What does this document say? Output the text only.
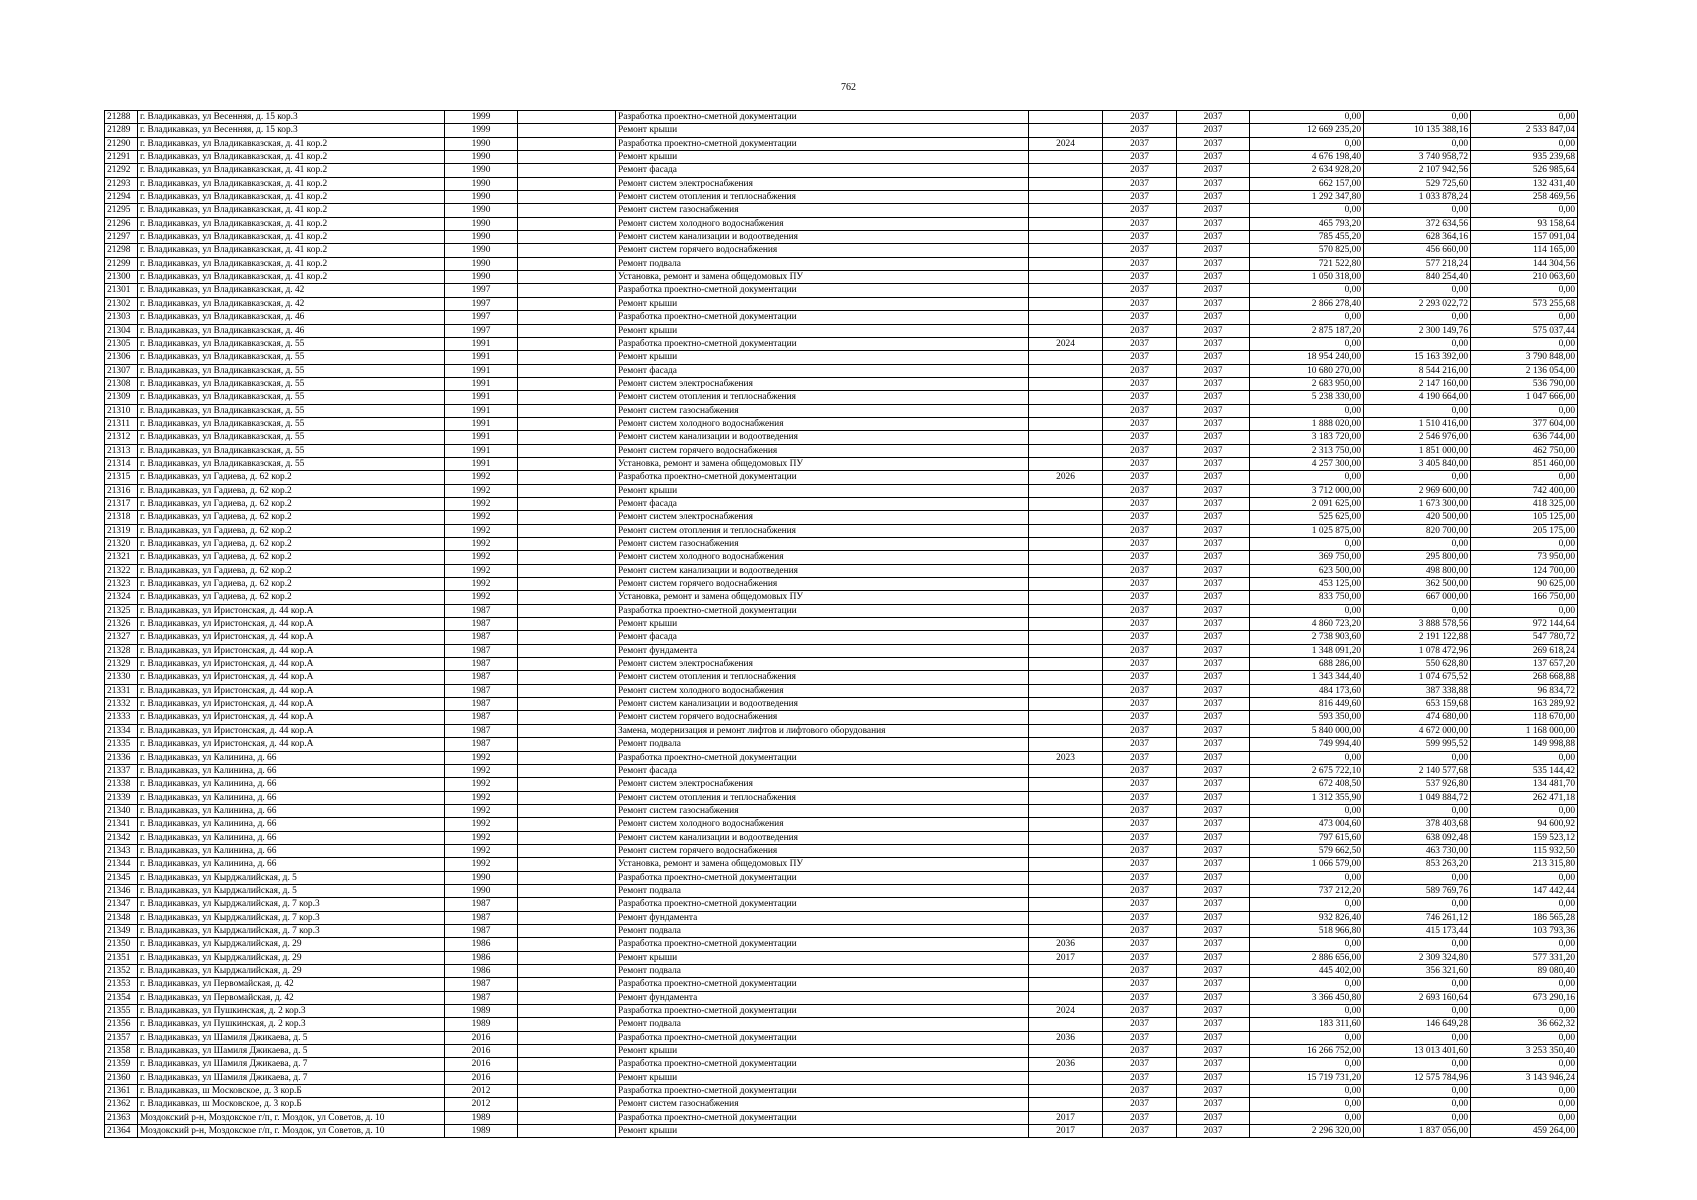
762
21288	г. Владикавказ, ул Весенняя, д. 15 кор.3	1999		Разработка проектно-сметной документации		2037	2037	0,00	0,00	0,00
21289	г. Владикавказ, ул Весенняя, д. 15 кор.3	1999		Ремонт крыши		2037	2037	12 669 235,20	10 135 388,16	2 533 847,04
21290	г. Владикавказ, ул Владикавказская, д. 41 кор.2	1990		Разработка проектно-сметной документации	2024	2037	2037	0,00	0,00	0,00
21291	г. Владикавказ, ул Владикавказская, д. 41 кор.2	1990		Ремонт крыши		2037	2037	4 676 198,40	3 740 958,72	935 239,68
21292	г. Владикавказ, ул Владикавказская, д. 41 кор.2	1990		Ремонт фасада		2037	2037	2 634 928,20	2 107 942,56	526 985,64
21293	г. Владикавказ, ул Владикавказская, д. 41 кор.2	1990		Ремонт систем электроснабжения		2037	2037	662 157,00	529 725,60	132 431,40
21294	г. Владикавказ, ул Владикавказская, д. 41 кор.2	1990		Ремонт систем отопления и теплоснабжения		2037	2037	1 292 347,80	1 033 878,24	258 469,56
21295	г. Владикавказ, ул Владикавказская, д. 41 кор.2	1990		Ремонт систем газоснабжения		2037	2037	0,00	0,00	0,00
21296	г. Владикавказ, ул Владикавказская, д. 41 кор.2	1990		Ремонт систем холодного водоснабжения		2037	2037	465 793,20	372 634,56	93 158,64
21297	г. Владикавказ, ул Владикавказская, д. 41 кор.2	1990		Ремонт систем канализации и водоотведения		2037	2037	785 455,20	628 364,16	157 091,04
21298	г. Владикавказ, ул Владикавказская, д. 41 кор.2	1990		Ремонт систем горячего водоснабжения		2037	2037	570 825,00	456 660,00	114 165,00
21299	г. Владикавказ, ул Владикавказская, д. 41 кор.2	1990		Ремонт подвала		2037	2037	721 522,80	577 218,24	144 304,56
21300	г. Владикавказ, ул Владикавказская, д. 41 кор.2	1990		Установка, ремонт и замена общедомовых ПУ		2037	2037	1 050 318,00	840 254,40	210 063,60
21301	г. Владикавказ, ул Владикавказская, д. 42	1997		Разработка проектно-сметной документации		2037	2037	0,00	0,00	0,00
21302	г. Владикавказ, ул Владикавказская, д. 42	1997		Ремонт крыши		2037	2037	2 866 278,40	2 293 022,72	573 255,68
21303	г. Владикавказ, ул Владикавказская, д. 46	1997		Разработка проектно-сметной документации		2037	2037	0,00	0,00	0,00
21304	г. Владикавказ, ул Владикавказская, д. 46	1997		Ремонт крыши		2037	2037	2 875 187,20	2 300 149,76	575 037,44
21305	г. Владикавказ, ул Владикавказская, д. 55	1991		Разработка проектно-сметной документации	2024	2037	2037	0,00	0,00	0,00
21306	г. Владикавказ, ул Владикавказская, д. 55	1991		Ремонт крыши		2037	2037	18 954 240,00	15 163 392,00	3 790 848,00
21307	г. Владикавказ, ул Владикавказская, д. 55	1991		Ремонт фасада		2037	2037	10 680 270,00	8 544 216,00	2 136 054,00
21308	г. Владикавказ, ул Владикавказская, д. 55	1991		Ремонт систем электроснабжения		2037	2037	2 683 950,00	2 147 160,00	536 790,00
21309	г. Владикавказ, ул Владикавказская, д. 55	1991		Ремонт систем отопления и теплоснабжения		2037	2037	5 238 330,00	4 190 664,00	1 047 666,00
21310	г. Владикавказ, ул Владикавказская, д. 55	1991		Ремонт систем газоснабжения		2037	2037	0,00	0,00	0,00
21311	г. Владикавказ, ул Владикавказская, д. 55	1991		Ремонт систем холодного водоснабжения		2037	2037	1 888 020,00	1 510 416,00	377 604,00
21312	г. Владикавказ, ул Владикавказская, д. 55	1991		Ремонт систем канализации и водоотведения		2037	2037	3 183 720,00	2 546 976,00	636 744,00
21313	г. Владикавказ, ул Владикавказская, д. 55	1991		Ремонт систем горячего водоснабжения		2037	2037	2 313 750,00	1 851 000,00	462 750,00
21314	г. Владикавказ, ул Владикавказская, д. 55	1991		Установка, ремонт и замена общедомовых ПУ		2037	2037	4 257 300,00	3 405 840,00	851 460,00
21315	г. Владикавказ, ул Гадиева, д. 62 кор.2	1992		Разработка проектно-сметной документации	2026	2037	2037	0,00	0,00	0,00
21316	г. Владикавказ, ул Гадиева, д. 62 кор.2	1992		Ремонт крыши		2037	2037	3 712 000,00	2 969 600,00	742 400,00
21317	г. Владикавказ, ул Гадиева, д. 62 кор.2	1992		Ремонт фасада		2037	2037	2 091 625,00	1 673 300,00	418 325,00
21318	г. Владикавказ, ул Гадиева, д. 62 кор.2	1992		Ремонт систем электроснабжения		2037	2037	525 625,00	420 500,00	105 125,00
21319	г. Владикавказ, ул Гадиева, д. 62 кор.2	1992		Ремонт систем отопления и теплоснабжения		2037	2037	1 025 875,00	820 700,00	205 175,00
21320	г. Владикавказ, ул Гадиева, д. 62 кор.2	1992		Ремонт систем газоснабжения		2037	2037	0,00	0,00	0,00
21321	г. Владикавказ, ул Гадиева, д. 62 кор.2	1992		Ремонт систем холодного водоснабжения		2037	2037	369 750,00	295 800,00	73 950,00
21322	г. Владикавказ, ул Гадиева, д. 62 кор.2	1992		Ремонт систем канализации и водоотведения		2037	2037	623 500,00	498 800,00	124 700,00
21323	г. Владикавказ, ул Гадиева, д. 62 кор.2	1992		Ремонт систем горячего водоснабжения		2037	2037	453 125,00	362 500,00	90 625,00
21324	г. Владикавказ, ул Гадиева, д. 62 кор.2	1992		Установка, ремонт и замена общедомовых ПУ		2037	2037	833 750,00	667 000,00	166 750,00
21325	г. Владикавказ, ул Иристонская, д. 44 кор.А	1987		Разработка проектно-сметной документации		2037	2037	0,00	0,00	0,00
21326	г. Владикавказ, ул Иристонская, д. 44 кор.А	1987		Ремонт крыши		2037	2037	4 860 723,20	3 888 578,56	972 144,64
21327	г. Владикавказ, ул Иристонская, д. 44 кор.А	1987		Ремонт фасада		2037	2037	2 738 903,60	2 191 122,88	547 780,72
21328	г. Владикавказ, ул Иристонская, д. 44 кор.А	1987		Ремонт фундамента		2037	2037	1 348 091,20	1 078 472,96	269 618,24
21329	г. Владикавказ, ул Иристонская, д. 44 кор.А	1987		Ремонт систем электроснабжения		2037	2037	688 286,00	550 628,80	137 657,20
21330	г. Владикавказ, ул Иристонская, д. 44 кор.А	1987		Ремонт систем отопления и теплоснабжения		2037	2037	1 343 344,40	1 074 675,52	268 668,88
21331	г. Владикавказ, ул Иристонская, д. 44 кор.А	1987		Ремонт систем холодного водоснабжения		2037	2037	484 173,60	387 338,88	96 834,72
21332	г. Владикавказ, ул Иристонская, д. 44 кор.А	1987		Ремонт систем канализации и водоотведения		2037	2037	816 449,60	653 159,68	163 289,92
21333	г. Владикавказ, ул Иристонская, д. 44 кор.А	1987		Ремонт систем горячего водоснабжения		2037	2037	593 350,00	474 680,00	118 670,00
21334	г. Владикавказ, ул Иристонская, д. 44 кор.А	1987		Замена, модернизация и ремонт лифтов и лифтового оборудования		2037	2037	5 840 000,00	4 672 000,00	1 168 000,00
21335	г. Владикавказ, ул Иристонская, д. 44 кор.А	1987		Ремонт подвала		2037	2037	749 994,40	599 995,52	149 998,88
21336	г. Владикавказ, ул Калинина, д. 66	1992		Разработка проектно-сметной документации	2023	2037	2037	0,00	0,00	0,00
21337	г. Владикавказ, ул Калинина, д. 66	1992		Ремонт фасада		2037	2037	2 675 722,10	2 140 577,68	535 144,42
21338	г. Владикавказ, ул Калинина, д. 66	1992		Ремонт систем электроснабжения		2037	2037	672 408,50	537 926,80	134 481,70
21339	г. Владикавказ, ул Калинина, д. 66	1992		Ремонт систем отопления и теплоснабжения		2037	2037	1 312 355,90	1 049 884,72	262 471,18
21340	г. Владикавказ, ул Калинина, д. 66	1992		Ремонт систем газоснабжения		2037	2037	0,00	0,00	0,00
21341	г. Владикавказ, ул Калинина, д. 66	1992		Ремонт систем холодного водоснабжения		2037	2037	473 004,60	378 403,68	94 600,92
21342	г. Владикавказ, ул Калинина, д. 66	1992		Ремонт систем канализации и водоотведения		2037	2037	797 615,60	638 092,48	159 523,12
21343	г. Владикавказ, ул Калинина, д. 66	1992		Ремонт систем горячего водоснабжения		2037	2037	579 662,50	463 730,00	115 932,50
21344	г. Владикавказ, ул Калинина, д. 66	1992		Установка, ремонт и замена общедомовых ПУ		2037	2037	1 066 579,00	853 263,20	213 315,80
21345	г. Владикавказ, ул Кырджалийская, д. 5	1990		Разработка проектно-сметной документации		2037	2037	0,00	0,00	0,00
21346	г. Владикавказ, ул Кырджалийская, д. 5	1990		Ремонт подвала		2037	2037	737 212,20	589 769,76	147 442,44
21347	г. Владикавказ, ул Кырджалийская, д. 7 кор.3	1987		Разработка проектно-сметной документации		2037	2037	0,00	0,00	0,00
21348	г. Владикавказ, ул Кырджалийская, д. 7 кор.3	1987		Ремонт фундамента		2037	2037	932 826,40	746 261,12	186 565,28
21349	г. Владикавказ, ул Кырджалийская, д. 7 кор.3	1987		Ремонт подвала		2037	2037	518 966,80	415 173,44	103 793,36
21350	г. Владикавказ, ул Кырджалийская, д. 29	1986		Разработка проектно-сметной документации	2036	2037	2037	0,00	0,00	0,00
21351	г. Владикавказ, ул Кырджалийская, д. 29	1986		Ремонт крыши	2017	2037	2037	2 886 656,00	2 309 324,80	577 331,20
21352	г. Владикавказ, ул Кырджалийская, д. 29	1986		Ремонт подвала		2037	2037	445 402,00	356 321,60	89 080,40
21353	г. Владикавказ, ул Первомайская, д. 42	1987		Разработка проектно-сметной документации		2037	2037	0,00	0,00	0,00
21354	г. Владикавказ, ул Первомайская, д. 42	1987		Ремонт фундамента		2037	2037	3 366 450,80	2 693 160,64	673 290,16
21355	г. Владикавказ, ул Пушкинская, д. 2 кор.3	1989		Разработка проектно-сметной документации	2024	2037	2037	0,00	0,00	0,00
21356	г. Владикавказ, ул Пушкинская, д. 2 кор.3	1989		Ремонт подвала		2037	2037	183 311,60	146 649,28	36 662,32
21357	г. Владикавказ, ул Шамиля Джикаева, д. 5	2016		Разработка проектно-сметной документации	2036	2037	2037	0,00	0,00	0,00
21358	г. Владикавказ, ул Шамиля Джикаева, д. 5	2016		Ремонт крыши		2037	2037	16 266 752,00	13 013 401,60	3 253 350,40
21359	г. Владикавказ, ул Шамиля Джикаева, д. 7	2016		Разработка проектно-сметной документации	2036	2037	2037	0,00	0,00	0,00
21360	г. Владикавказ, ул Шамиля Джикаева, д. 7	2016		Ремонт крыши		2037	2037	15 719 731,20	12 575 784,96	3 143 946,24
21361	г. Владикавказ, ш Московское, д. 3 кор.Б	2012		Разработка проектно-сметной документации		2037	2037	0,00	0,00	0,00
21362	г. Владикавказ, ш Московское, д. 3 кор.Б	2012		Ремонт систем газоснабжения		2037	2037	0,00	0,00	0,00
21363	Моздокский р-н, Моздокское г/п, г. Моздок, ул Советов, д. 10	1989		Разработка проектно-сметной документации	2017	2037	2037	0,00	0,00	0,00
21364	Моздокский р-н, Моздокское г/п, г. Моздок, ул Советов, д. 10	1989		Ремонт крыши	2017	2037	2037	2 296 320,00	1 837 056,00	459 264,00
